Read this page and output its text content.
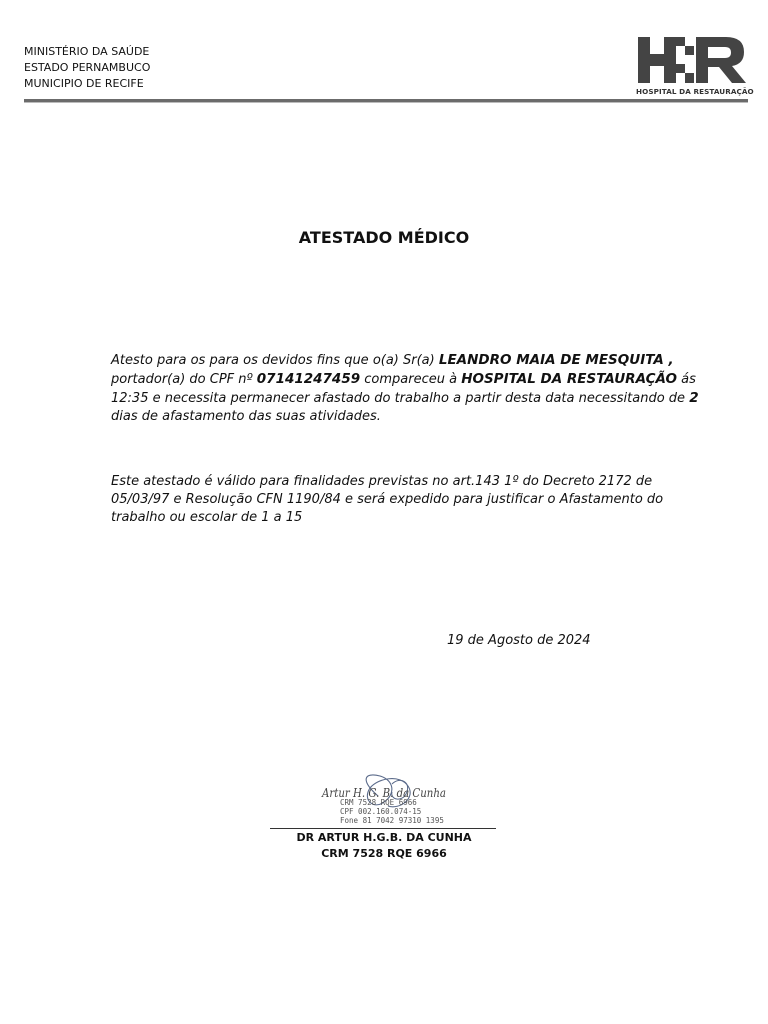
MINISTÉRIO DA SAÚDE
ESTADO PERNAMBUCO
MUNICIPIO DE RECIFE
HOSPITAL DA RESTAURAÇÃO
ATESTADO MÉDICO
Atesto para os para os devidos fins que o(a) Sr(a) LEANDRO MAIA DE MESQUITA , portador(a) do CPF nº 07141247459 compareceu à HOSPITAL DA RESTAURAÇÃO ás 12:35 e necessita permanecer afastado do trabalho a partir desta data necessitando de 2 dias de afastamento das suas atividades.
Este atestado é válido para finalidades previstas no art.143 1º do Decreto 2172 de 05/03/97 e Resolução CFN 1190/84 e será expedido para justificar o Afastamento do trabalho ou escolar de 1 a 15
19 de Agosto de 2024
Artur H. G. B. da Cunha
CRM 7528 RQE 6966
CPF 002.160.074-15
Fone 81 7042 97310 1395
DR ARTUR H.G.B. DA CUNHA
CRM 7528 RQE 6966
